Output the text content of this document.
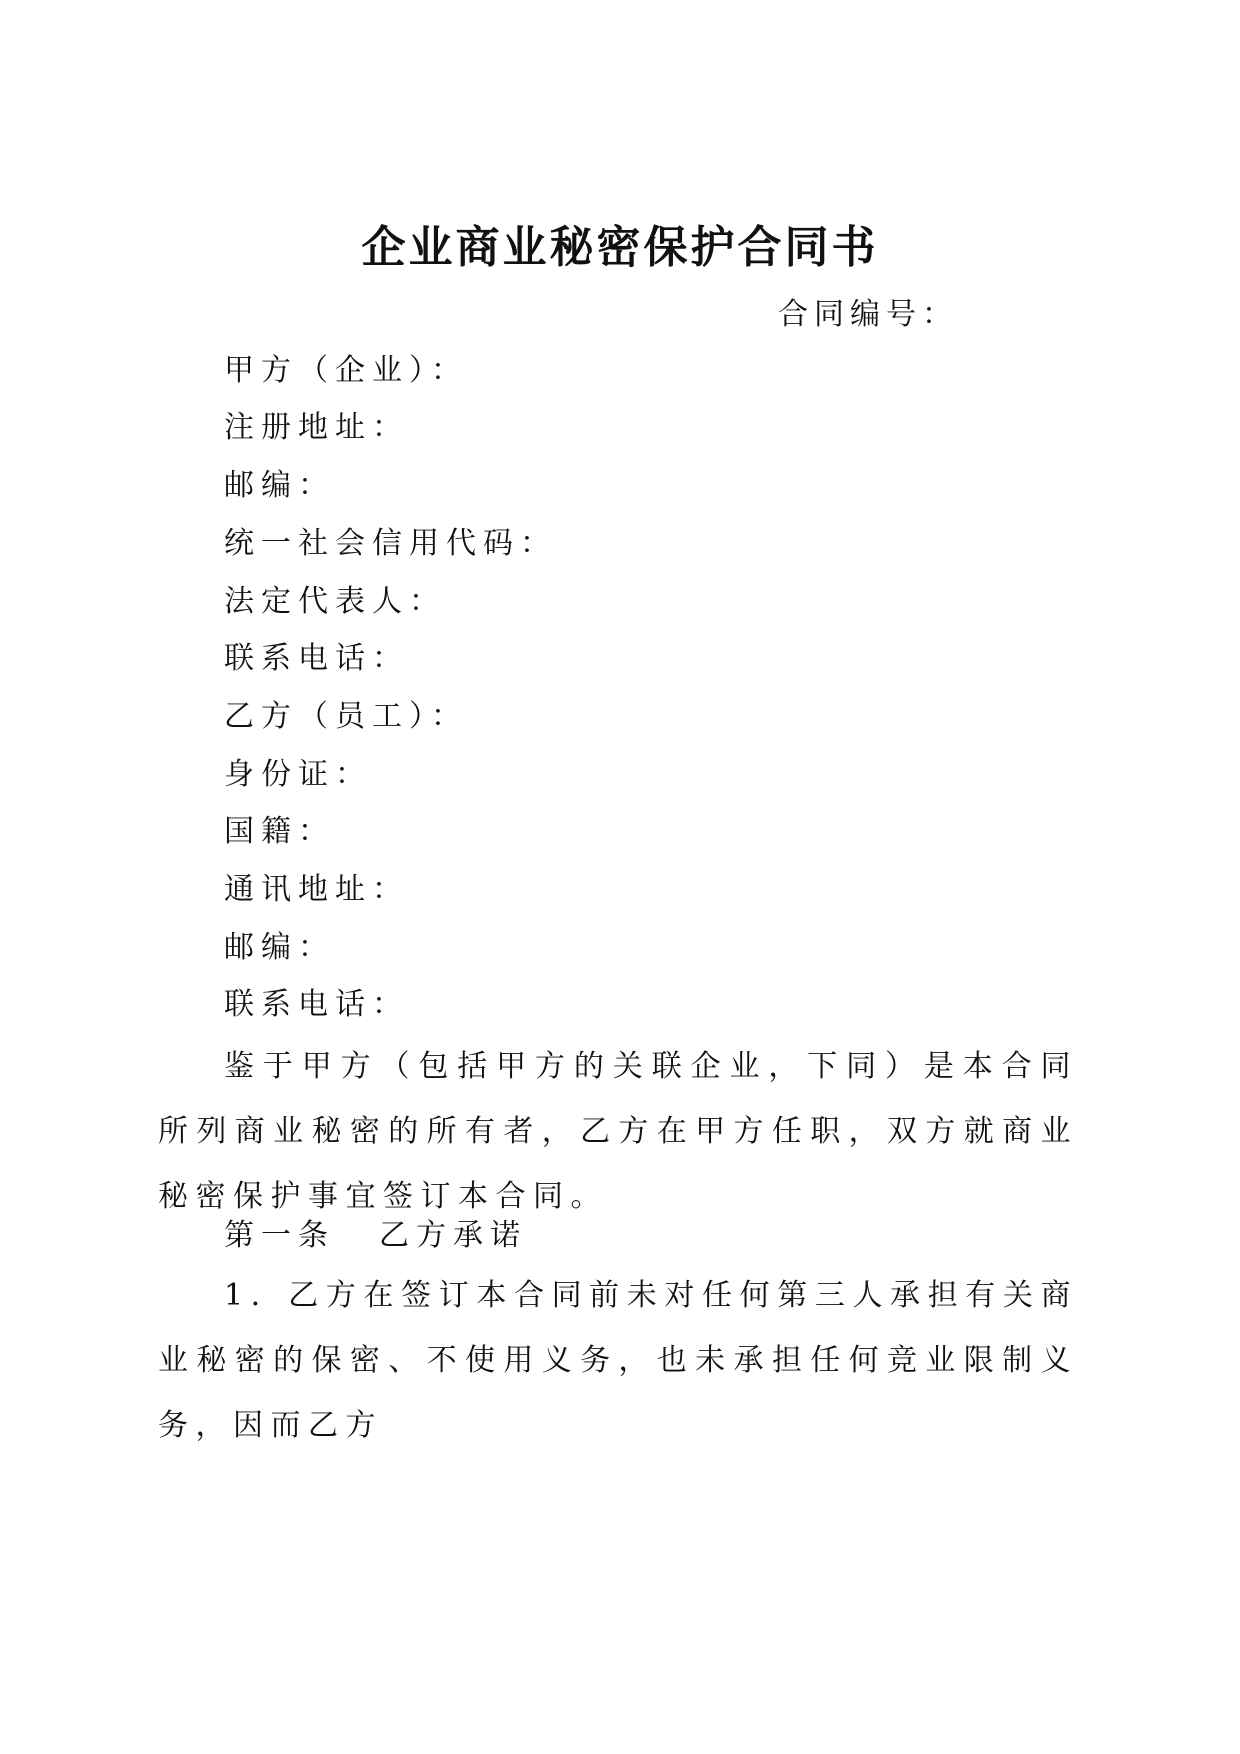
企业商业秘密保护合同书
合同编号：
甲方（企业）：
注册地址：
邮编：
统一社会信用代码：
法定代表人：
联系电话：
乙方（员工）：
身份证：
国籍：
通讯地址：
邮编：
联系电话：

鉴于甲方（包括甲方的关联企业，下同）是本合同所列商业秘密的所有者，乙方在甲方任职，双方就商业秘密保护事宜签订本合同。

第一条 乙方承诺

1．乙方在签订本合同前未对任何第三人承担有关商业秘密的保密、不使用义务，也未承担任何竞业限制义务，因而乙方
